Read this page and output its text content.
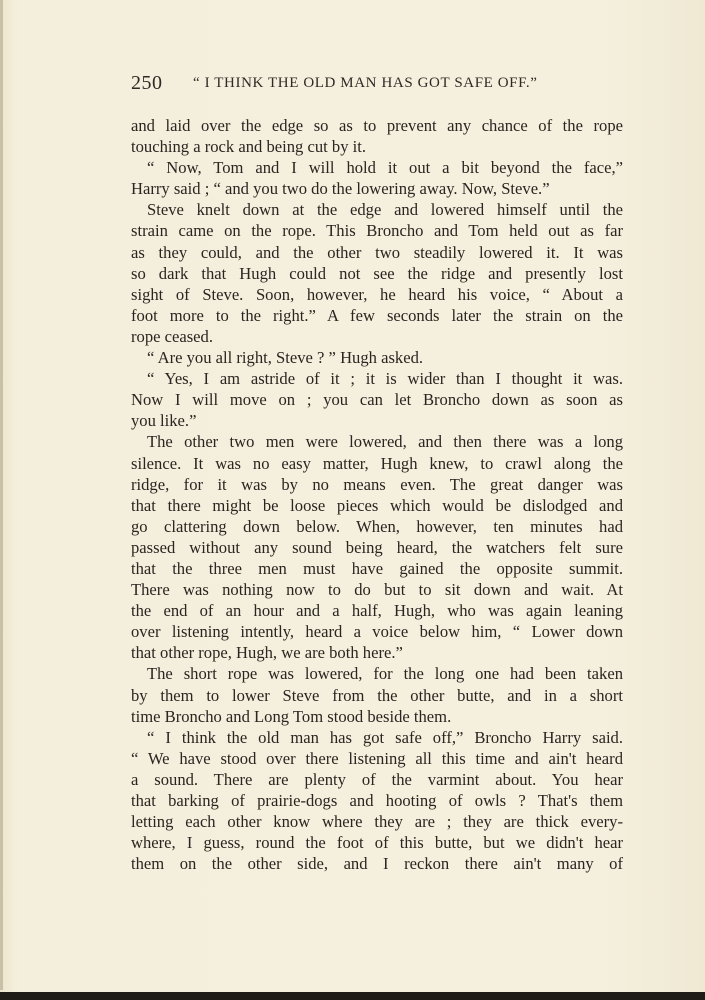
250 “ I THINK THE OLD MAN HAS GOT SAFE OFF.”
and laid over the edge so as to prevent any chance of the rope
touching a rock and being cut by it.
“ Now, Tom and I will hold it out a bit beyond the face,”
Harry said ; “ and you two do the lowering away. Now, Steve.”
Steve knelt down at the edge and lowered himself until the
strain came on the rope. This Broncho and Tom held out as far
as they could, and the other two steadily lowered it. It was
so dark that Hugh could not see the ridge and presently lost
sight of Steve. Soon, however, he heard his voice, “ About a
foot more to the right.” A few seconds later the strain on the
rope ceased.
“ Are you all right, Steve ? ” Hugh asked.
“ Yes, I am astride of it ; it is wider than I thought it was.
Now I will move on ; you can let Broncho down as soon as
you like.”
The other two men were lowered, and then there was a long
silence. It was no easy matter, Hugh knew, to crawl along the
ridge, for it was by no means even. The great danger was
that there might be loose pieces which would be dislodged and
go clattering down below. When, however, ten minutes had
passed without any sound being heard, the watchers felt sure
that the three men must have gained the opposite summit.
There was nothing now to do but to sit down and wait. At
the end of an hour and a half, Hugh, who was again leaning
over listening intently, heard a voice below him, “ Lower down
that other rope, Hugh, we are both here.”
The short rope was lowered, for the long one had been taken
by them to lower Steve from the other butte, and in a short
time Broncho and Long Tom stood beside them.
“ I think the old man has got safe off,” Broncho Harry said.
“ We have stood over there listening all this time and ain't heard
a sound. There are plenty of the varmint about. You hear
that barking of prairie-dogs and hooting of owls ? That's them
letting each other know where they are ; they are thick every-
where, I guess, round the foot of this butte, but we didn't hear
them on the other side, and I reckon there ain't many of
